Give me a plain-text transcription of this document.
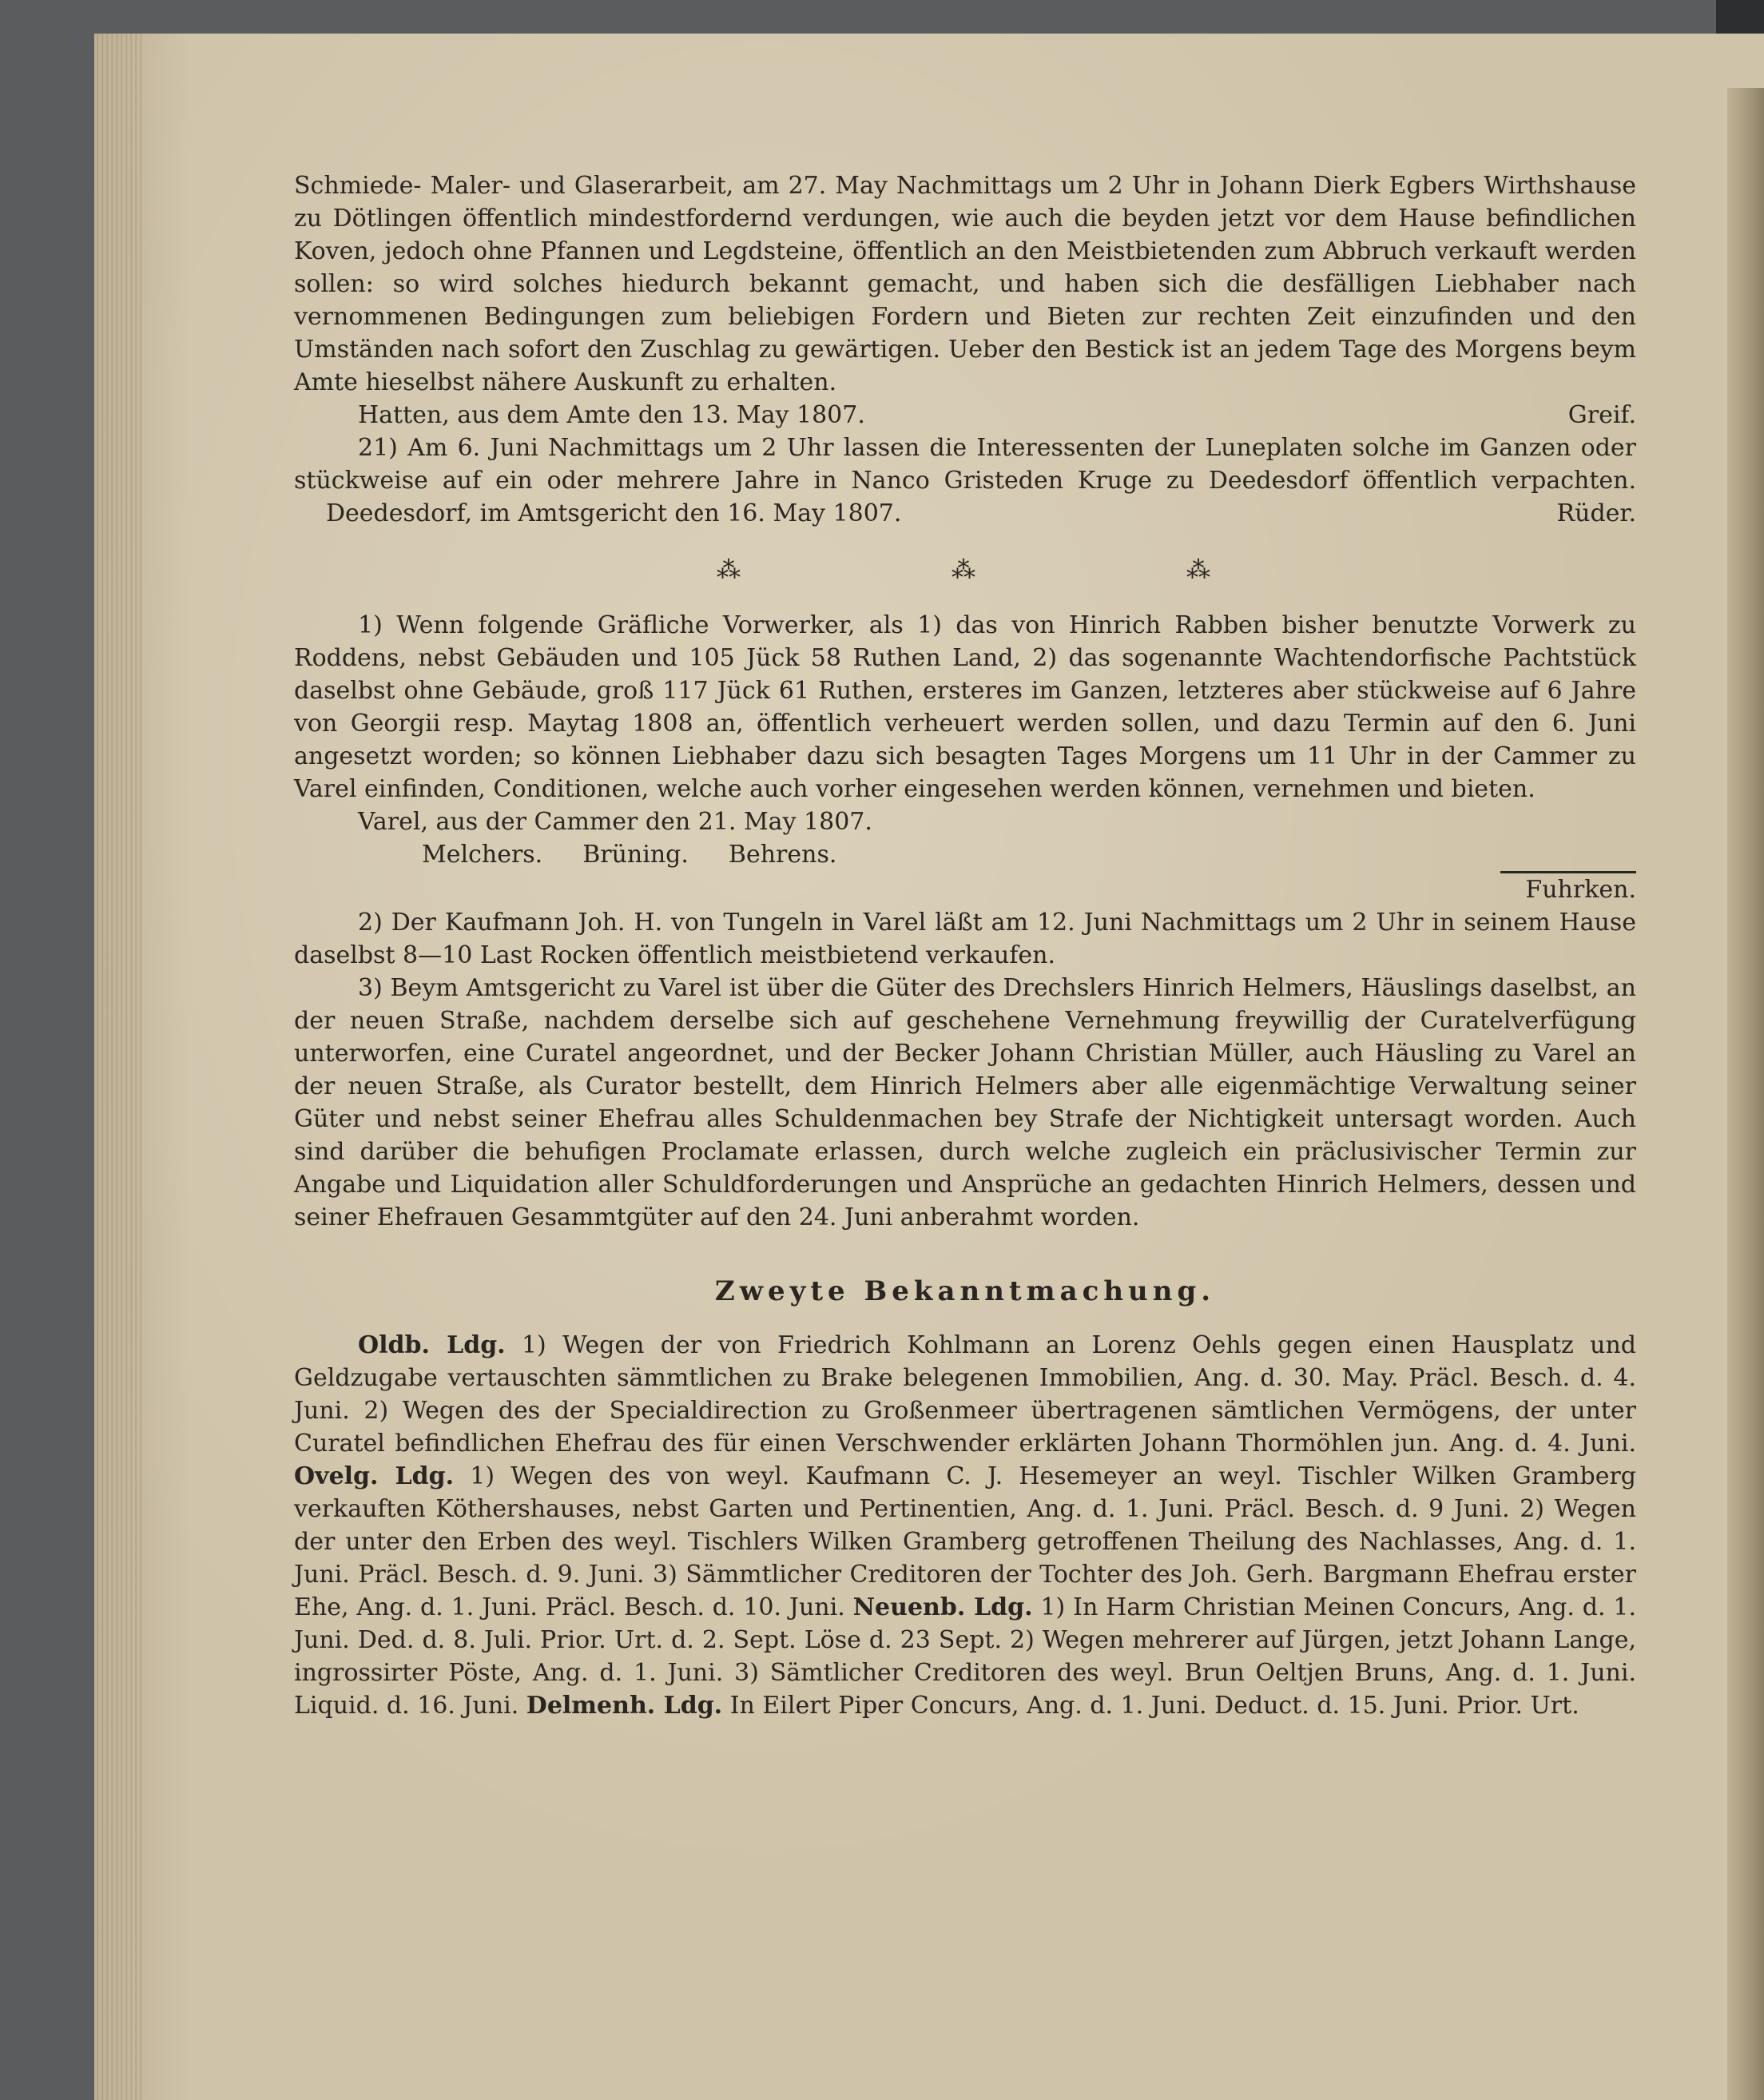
Schmiede- Maler- und Glaserarbeit, am 27. May Nachmittags um 2 Uhr in Johann Dierk Egbers Wirthshause zu Dötlingen öffentlich mindestfordernd verdungen, wie auch die beyden jetzt vor dem Hause befindlichen Koven, jedoch ohne Pfannen und Legdsteine, öffentlich an den Meistbietenden zum Abbruch verkauft werden sollen: so wird solches hiedurch bekannt gemacht, und haben sich die desfälligen Liebhaber nach vernommenen Bedingungen zum beliebigen Fordern und Bieten zur rechten Zeit einzufinden und den Umständen nach sofort den Zuschlag zu gewärtigen. Ueber den Bestick ist an jedem Tage des Morgens beym Amte hieselbst nähere Auskunft zu erhalten.

Hatten, aus dem Amte den 13. May 1807.	Greif.

21) Am 6. Juni Nachmittags um 2 Uhr lassen die Interessenten der Luneplaten solche im Ganzen oder stückweise auf ein oder mehrere Jahre in Nanco Gristeden Kruge zu Deedesdorf öffentlich verpachten. Deedesdorf, im Amtsgericht den 16. May 1807.	Rüder.

⁂	⁂	⁂

1) Wenn folgende Gräfliche Vorwerker, als 1) das von Hinrich Rabben bisher benutzte Vorwerk zu Roddens, nebst Gebäuden und 105 Jück 58 Ruthen Land, 2) das sogenannte Wachtendorfische Pachtstück daselbst ohne Gebäude, groß 117 Jück 61 Ruthen, ersteres im Ganzen, letzteres aber stückweise auf 6 Jahre von Georgii resp. Maytag 1808 an, öffentlich verheuert werden sollen, und dazu Termin auf den 6. Juni angesetzt worden; so können Liebhaber dazu sich besagten Tages Morgens um 11 Uhr in der Cammer zu Varel einfinden, Conditionen, welche auch vorher eingesehen werden können, vernehmen und bieten.

Varel, aus der Cammer den 21. May 1807.
Melchers. Brüning. Behrens.
Fuhrken.

2) Der Kaufmann Joh. H. von Tungeln in Varel läßt am 12. Juni Nachmittags um 2 Uhr in seinem Hause daselbst 8—10 Last Rocken öffentlich meistbietend verkaufen.

3) Beym Amtsgericht zu Varel ist über die Güter des Drechslers Hinrich Helmers, Häuslings daselbst, an der neuen Straße, nachdem derselbe sich auf geschehene Vernehmung freywillig der Curatelverfügung unterworfen, eine Curatel angeordnet, und der Becker Johann Christian Müller, auch Häusling zu Varel an der neuen Straße, als Curator bestellt, dem Hinrich Helmers aber alle eigenmächtige Verwaltung seiner Güter und nebst seiner Ehefrau alles Schuldenmachen bey Strafe der Nichtigkeit untersagt worden. Auch sind darüber die behufigen Proclamate erlassen, durch welche zugleich ein präclusivischer Termin zur Angabe und Liquidation aller Schuldforderungen und Ansprüche an gedachten Hinrich Helmers, dessen und seiner Ehefrauen Gesammtgüter auf den 24. Juni anberahmt worden.

Zweyte Bekanntmachung.

Oldb. Ldg. 1) Wegen der von Friedrich Kohlmann an Lorenz Oehls gegen einen Hausplatz und Geldzugabe vertauschten sämmtlichen zu Brake belegenen Immobilien, Ang. d. 30. May. Präcl. Besch. d. 4. Juni. 2) Wegen des der Specialdirection zu Großenmeer übertragenen sämtlichen Vermögens, der unter Curatel befindlichen Ehefrau des für einen Verschwender erklärten Johann Thormöhlen jun. Ang. d. 4. Juni. Ovelg. Ldg. 1) Wegen des von weyl. Kaufmann C. J. Hesemeyer an weyl. Tischler Wilken Gramberg verkauften Köthershauses, nebst Garten und Pertinentien, Ang. d. 1. Juni. Präcl. Besch. d. 9 Juni. 2) Wegen der unter den Erben des weyl. Tischlers Wilken Gramberg getroffenen Theilung des Nachlasses, Ang. d. 1. Juni. Präcl. Besch. d. 9. Juni. 3) Sämmtlicher Creditoren der Tochter des Joh. Gerh. Bargmann Ehefrau erster Ehe, Ang. d. 1. Juni. Präcl. Besch. d. 10. Juni. Neuenb. Ldg. 1) In Harm Christian Meinen Concurs, Ang. d. 1. Juni. Ded. d. 8. Juli. Prior. Urt. d. 2. Sept. Löse d. 23 Sept. 2) Wegen mehrerer auf Jürgen, jetzt Johann Lange, ingrossirter Pöste, Ang. d. 1. Juni. 3) Sämtlicher Creditoren des weyl. Brun Oeltjen Bruns, Ang. d. 1. Juni. Liquid. d. 16. Juni. Delmenh. Ldg. In Eilert Piper Concurs, Ang. d. 1. Juni. Deduct. d. 15. Juni. Prior. Urt.
